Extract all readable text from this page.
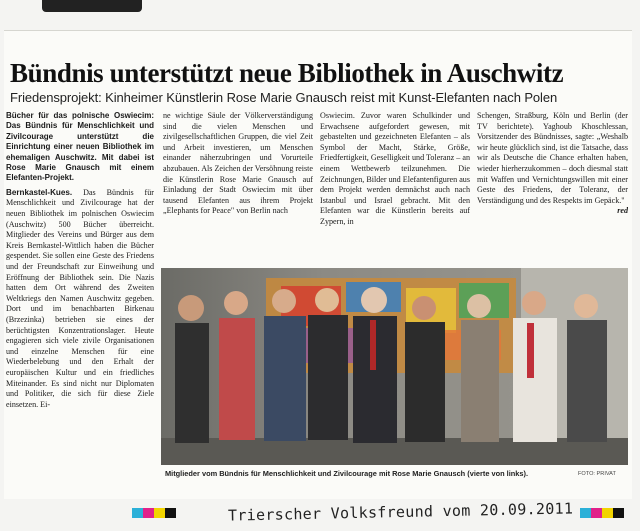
Bündnis unterstützt neue Bibliothek in Auschwitz
Friedensprojekt: Kinheimer Künstlerin Rose Marie Gnausch reist mit Kunst-Elefanten nach Polen
Bücher für das polnische Oswiecim: Das Bündnis für Menschlichkeit und Zivilcourage unterstützt die Einrichtung einer neuen Bibliothek im ehemaligen Auschwitz. Mit dabei ist Rose Marie Gnausch mit einem Elefanten-Projekt.
Bernkastel-Kues. Das Bündnis für Menschlichkeit und Zivilcourage hat der neuen Bibliothek im polnischen Oswiecim (Auschwitz) 500 Bücher überreicht. Mitglieder des Vereins und Bürger aus dem Kreis Bernkastel-Wittlich haben die Bücher gespendet. Sie sollen eine Geste des Friedens und der Freundschaft zur Einweihung und Eröffnung der Bibliothek sein. Die Nazis hatten dem Ort während des Zweiten Weltkriegs den Namen Auschwitz gegeben. Dort und im benachbarten Birkenau (Brzezinka) betrieben sie eines der berüchtigsten Konzentrationslager. Heute engagieren sich viele zivile Organisationen und einzelne Menschen für eine Wiederbelebung und den Erhalt der europäischen Kultur und ein friedliches Miteinander. Es sind nicht nur Diplomaten und Politiker, die sich für diese Ziele einsetzen. Ei-
ne wichtige Säule der Völkerverständigung sind die vielen Menschen und zivilgesellschaftlichen Gruppen, die viel Zeit und Arbeit investieren, um Menschen einander näherzubringen und Vorurteile abzubauen. Als Zeichen der Versöhnung reiste die Künstlerin Rose Marie Gnausch auf Einladung der Stadt Oswiecim mit über tausend Elefanten aus ihrem Projekt „Elephants for Peace" von Berlin nach
Oswiecim. Zuvor waren Schulkinder und Erwachsene aufgefordert gewesen, mit gebastelten und gezeichneten Elefanten – als Symbol der Macht, Stärke, Größe, Friedfertigkeit, Geselligkeit und Toleranz – an einem Wettbewerb teilzunehmen. Die Zeichnungen, Bilder und Elefantenfiguren aus dem Projekt werden demnächst auch nach Istanbul und Israel gebracht. Mit den Elefanten war die Künstlerin bereits auf Zypern, in
Schengen, Straßburg, Köln und Berlin (der TV berichtete). Yaghoub Khoschlessan, Vorsitzender des Bündnisses, sagte: „Weshalb wir heute glücklich sind, ist die Tatsache, dass wir als Deutsche die Chance erhalten haben, wieder hierherzukommen – doch diesmal statt mit Waffen und Vernichtungswillen mit einer Geste des Friedens, der Toleranz, der Verständigung und des Respekts im Gepäck."
red
Mitglieder vom Bündnis für Menschlichkeit und Zivilcourage mit Rose Marie Gnausch (vierte von links).	FOTO: PRIVAT
Trierscher Volksfreund vom 20.09.2011
